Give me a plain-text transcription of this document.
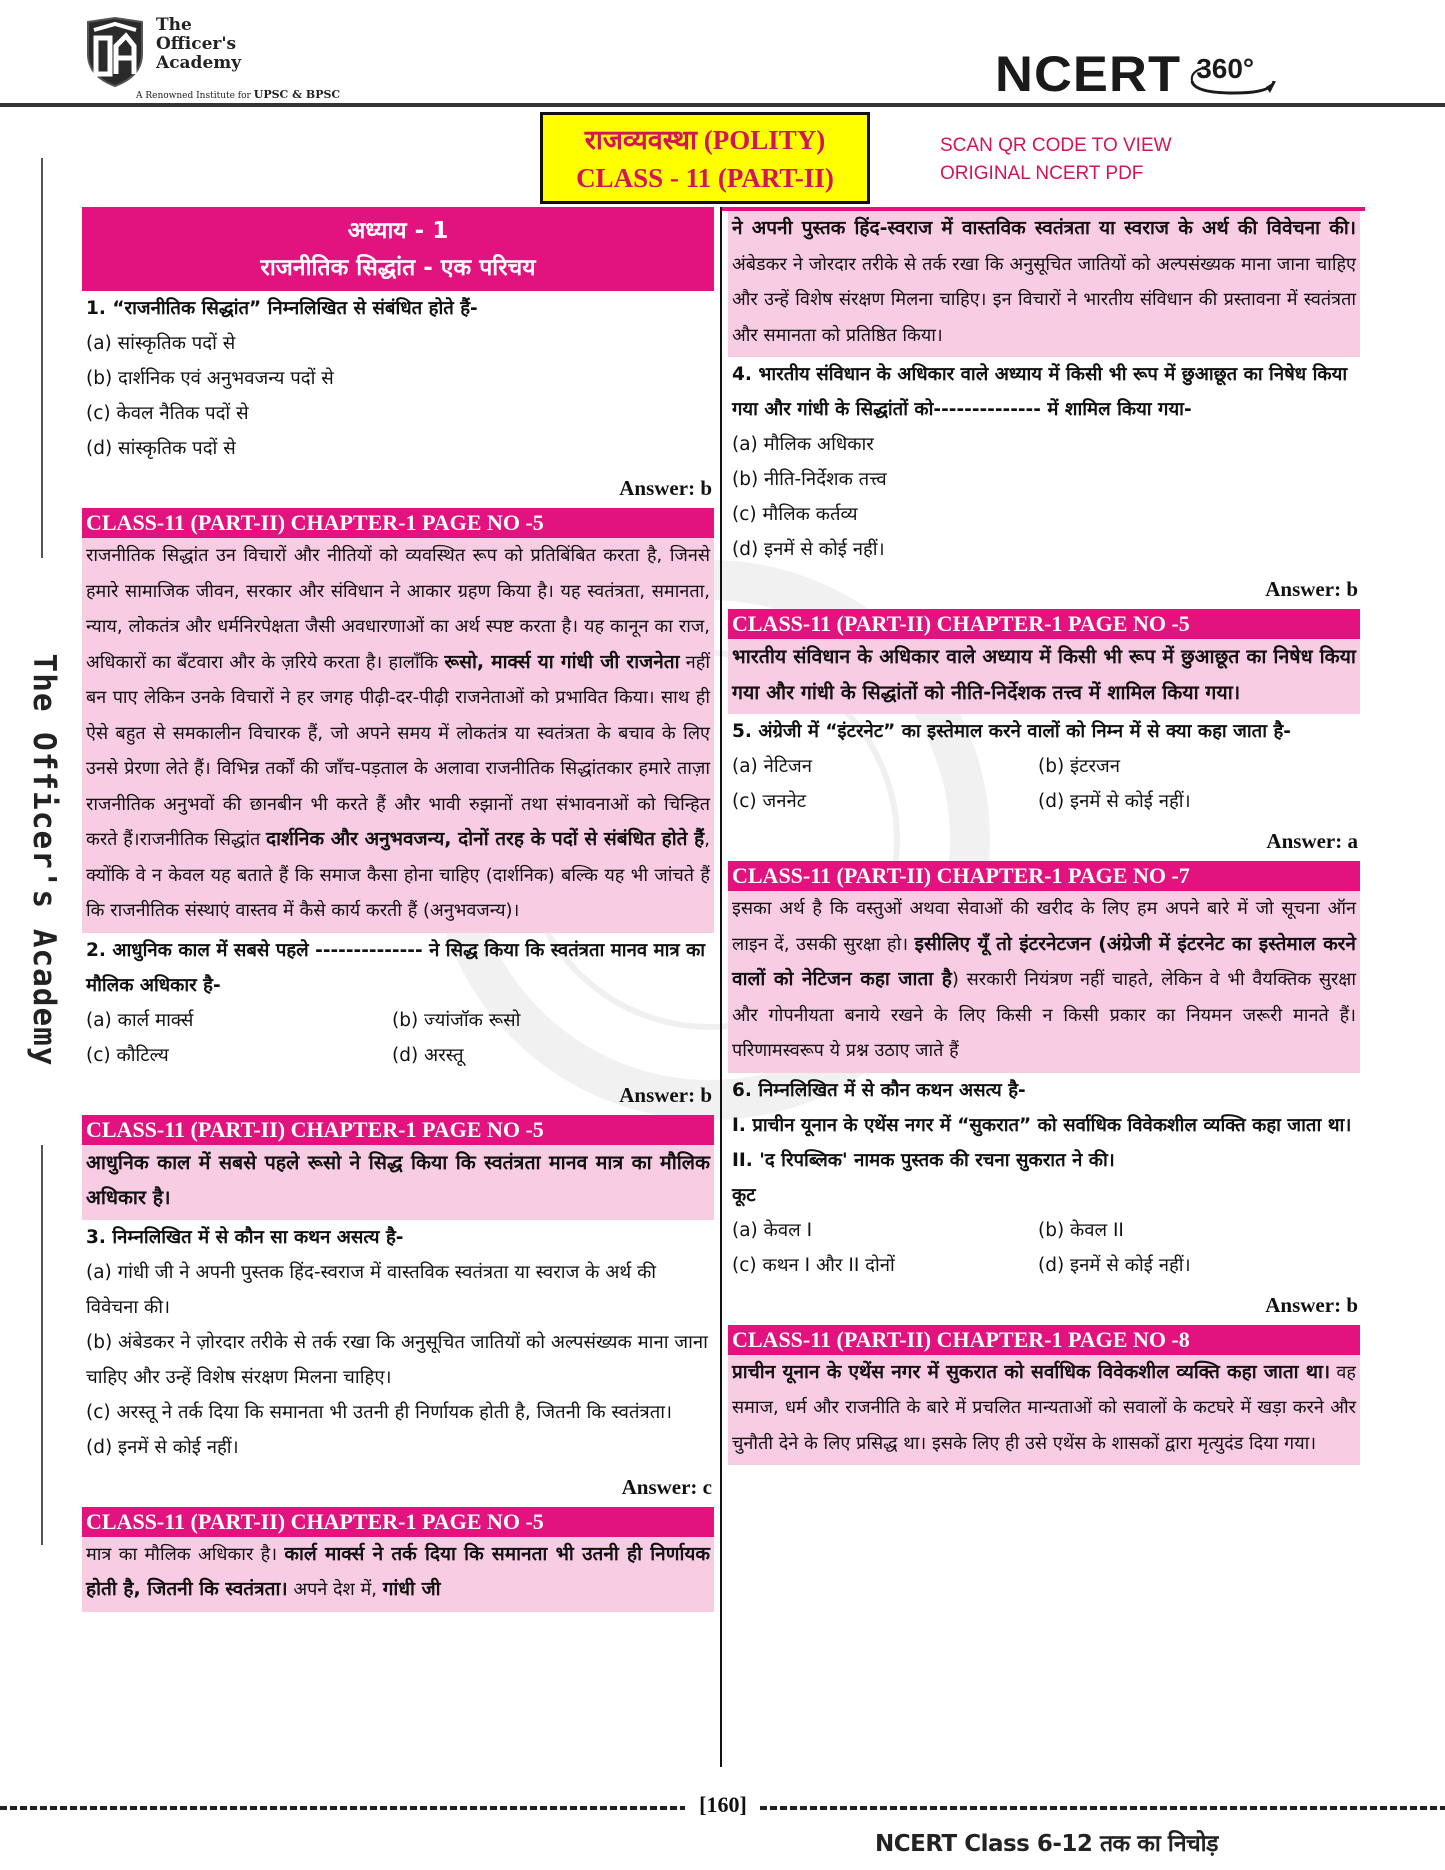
The
Officer's
Academy
A Renowned Institute for UPSC & BPSC	NCERT 360°
राजव्यवस्था (POLITY)
CLASS - 11 (PART-II)
SCAN QR CODE TO VIEW
ORIGINAL NCERT PDF
The Officer's Academy
अध्याय - 1
राजनीतिक सिद्धांत - एक परिचय
1. “राजनीतिक सिद्धांत” निम्नलिखित से संबंधित होते हैं-
(a) सांस्कृतिक पदों से
(b) दार्शनिक एवं अनुभवजन्य पदों से
(c) केवल नैतिक पदों से
(d) सांस्कृतिक पदों से
Answer: b
CLASS-11 (PART-II) CHAPTER-1 PAGE NO -5
राजनीतिक सिद्धांत उन विचारों और नीतियों को व्यवस्थित रूप को प्रतिबिंबित करता है, जिनसे हमारे सामाजिक जीवन, सरकार और संविधान ने आकार ग्रहण किया है। यह स्वतंत्रता, समानता, न्याय, लोकतंत्र और धर्मनिरपेक्षता जैसी अवधारणाओं का अर्थ स्पष्ट करता है। यह कानून का राज, अधिकारों का बँटवारा और के ज़रिये करता है। हालाँकि रूसो, मार्क्स या गांधी जी राजनेता नहीं बन पाए लेकिन उनके विचारों ने हर जगह पीढ़ी-दर-पीढ़ी राजनेताओं को प्रभावित किया। साथ ही ऐसे बहुत से समकालीन विचारक हैं, जो अपने समय में लोकतंत्र या स्वतंत्रता के बचाव के लिए उनसे प्रेरणा लेते हैं। विभिन्न तर्कों की जाँच-पड़ताल के अलावा राजनीतिक सिद्धांतकार हमारे ताज़ा राजनीतिक अनुभवों की छानबीन भी करते हैं और भावी रुझानों तथा संभावनाओं को चिन्हित करते हैं।राजनीतिक सिद्धांत दार्शनिक और अनुभवजन्य, दोनों तरह के पदों से संबंधित होते हैं, क्योंकि वे न केवल यह बताते हैं कि समाज कैसा होना चाहिए (दार्शनिक) बल्कि यह भी जांचते हैं कि राजनीतिक संस्थाएं वास्तव में कैसे कार्य करती हैं (अनुभवजन्य)।
2. आधुनिक काल में सबसे पहले -------------- ने सिद्ध किया कि स्वतंत्रता मानव मात्र का मौलिक अधिकार है-
(a) कार्ल मार्क्स	(b) ज्यांजॉक रूसो
(c) कौटिल्य	(d) अरस्तू
Answer: b
CLASS-11 (PART-II) CHAPTER-1 PAGE NO -5
आधुनिक काल में सबसे पहले रूसो ने सिद्ध किया कि स्वतंत्रता मानव मात्र का मौलिक अधिकार है।
3. निम्नलिखित में से कौन सा कथन असत्य है-
(a) गांधी जी ने अपनी पुस्तक हिंद-स्वराज में वास्तविक स्वतंत्रता या स्वराज के अर्थ की विवेचना की।
(b) अंबेडकर ने ज़ोरदार तरीके से तर्क रखा कि अनुसूचित जातियों को अल्पसंख्यक माना जाना चाहिए और उन्हें विशेष संरक्षण मिलना चाहिए।
(c) अरस्तू ने तर्क दिया कि समानता भी उतनी ही निर्णायक होती है, जितनी कि स्वतंत्रता।
(d) इनमें से कोई नहीं।
Answer: c
CLASS-11 (PART-II) CHAPTER-1 PAGE NO -5
मात्र का मौलिक अधिकार है। कार्ल मार्क्स ने तर्क दिया कि समानता भी उतनी ही निर्णायक होती है, जितनी कि स्वतंत्रता। अपने देश में, गांधी जी
ने अपनी पुस्तक हिंद-स्वराज में वास्तविक स्वतंत्रता या स्वराज के अर्थ की विवेचना की। अंबेडकर ने जोरदार तरीके से तर्क रखा कि अनुसूचित जातियों को अल्पसंख्यक माना जाना चाहिए और उन्हें विशेष संरक्षण मिलना चाहिए। इन विचारों ने भारतीय संविधान की प्रस्तावना में स्वतंत्रता और समानता को प्रतिष्ठित किया।
4. भारतीय संविधान के अधिकार वाले अध्याय में किसी भी रूप में छुआछूत का निषेध किया गया और गांधी के सिद्धांतों को-------------- में शामिल किया गया-
(a) मौलिक अधिकार
(b) नीति-निर्देशक तत्त्व
(c) मौलिक कर्तव्य
(d) इनमें से कोई नहीं।
Answer: b
CLASS-11 (PART-II) CHAPTER-1 PAGE NO -5
भारतीय संविधान के अधिकार वाले अध्याय में किसी भी रूप में छुआछूत का निषेध किया गया और गांधी के सिद्धांतों को नीति-निर्देशक तत्त्व में शामिल किया गया।
5. अंग्रेजी में “इंटरनेट” का इस्तेमाल करने वालों को निम्न में से क्या कहा जाता है-
(a) नेटिजन	(b) इंटरजन
(c) जननेट	(d) इनमें से कोई नहीं।
Answer: a
CLASS-11 (PART-II) CHAPTER-1 PAGE NO -7
इसका अर्थ है कि वस्तुओं अथवा सेवाओं की खरीद के लिए हम अपने बारे में जो सूचना ऑन लाइन दें, उसकी सुरक्षा हो। इसीलिए यूँ तो इंटरनेटजन (अंग्रेजी में इंटरनेट का इस्तेमाल करने वालों को नेटिजन कहा जाता है) सरकारी नियंत्रण नहीं चाहते, लेकिन वे भी वैयक्तिक सुरक्षा और गोपनीयता बनाये रखने के लिए किसी न किसी प्रकार का नियमन जरूरी मानते हैं। परिणामस्वरूप ये प्रश्न उठाए जाते हैं
6. निम्नलिखित में से कौन कथन असत्य है-
I. प्राचीन यूनान के एथेंस नगर में “सुकरात” को सर्वाधिक विवेकशील व्यक्ति कहा जाता था।
II. 'द रिपब्लिक' नामक पुस्तक की रचना सुकरात ने की।
कूट
(a) केवल I	(b) केवल II
(c) कथन I और II दोनों	(d) इनमें से कोई नहीं।
Answer: b
CLASS-11 (PART-II) CHAPTER-1 PAGE NO -8
प्राचीन यूनान के एथेंस नगर में सुकरात को सर्वाधिक विवेकशील व्यक्ति कहा जाता था। वह समाज, धर्म और राजनीति के बारे में प्रचलित मान्यताओं को सवालों के कटघरे में खड़ा करने और चुनौती देने के लिए प्रसिद्ध था। इसके लिए ही उसे एथेंस के शासकों द्वारा मृत्युदंड दिया गया।
[160]
NCERT Class 6-12 तक का निचोड़
